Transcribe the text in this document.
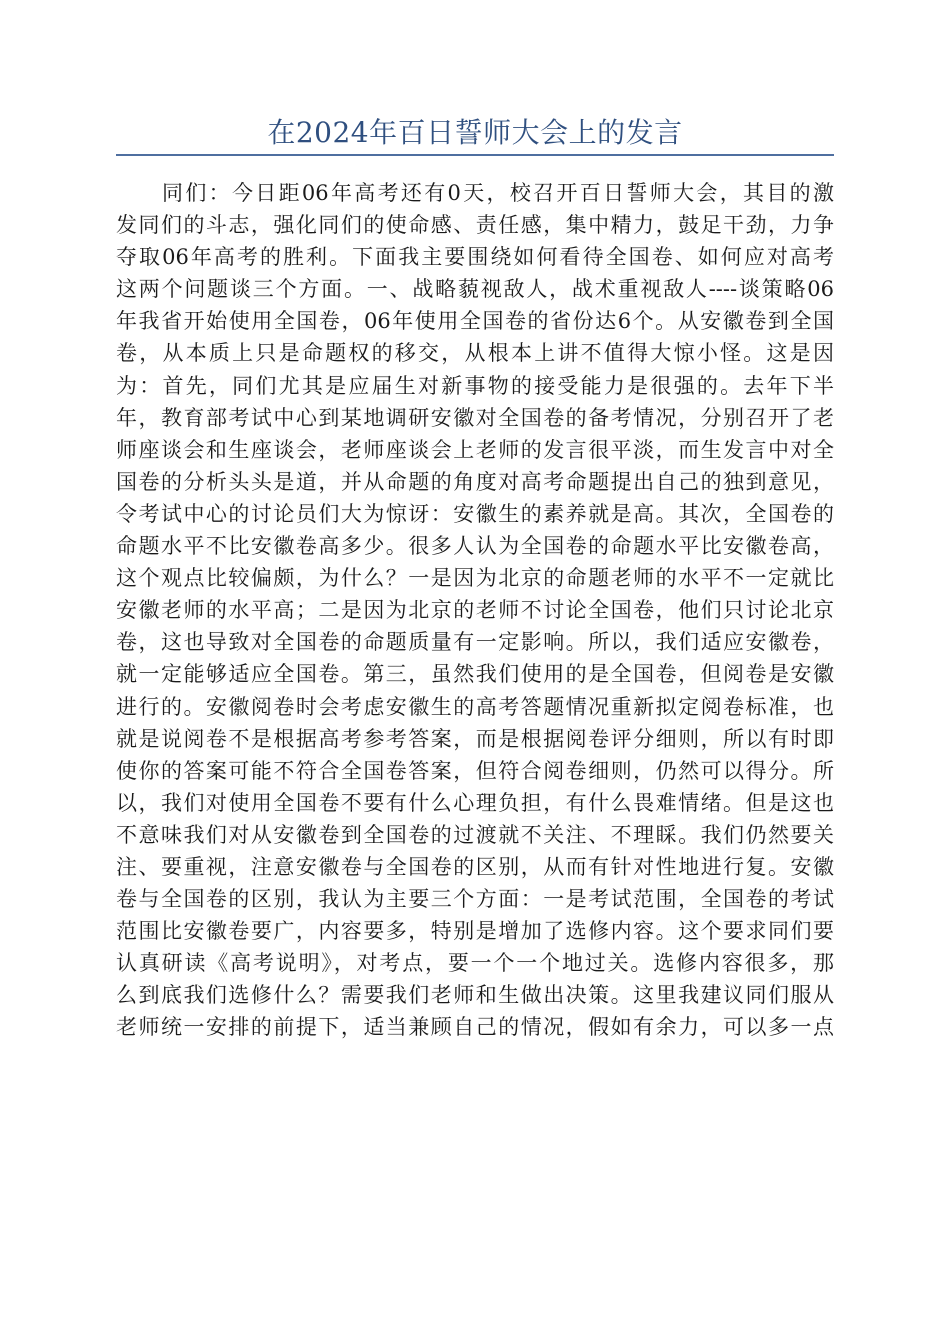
在2024年百日誓师大会上的发言
同们：今日距06年高考还有0天，校召开百日誓师大会，其目的激
发同们的斗志，强化同们的使命感、责任感，集中精力，鼓足干劲，力争
夺取06年高考的胜利。下面我主要围绕如何看待全国卷、如何应对高考
这两个问题谈三个方面。一、战略藐视敌人，战术重视敌人----谈策略06
年我省开始使用全国卷，06年使用全国卷的省份达6个。从安徽卷到全国
卷，从本质上只是命题权的移交，从根本上讲不值得大惊小怪。这是因
为：首先，同们尤其是应届生对新事物的接受能力是很强的。去年下半
年，教育部考试中心到某地调研安徽对全国卷的备考情况，分别召开了老
师座谈会和生座谈会，老师座谈会上老师的发言很平淡，而生发言中对全
国卷的分析头头是道，并从命题的角度对高考命题提出自己的独到意见，
令考试中心的讨论员们大为惊讶：安徽生的素养就是高。其次，全国卷的
命题水平不比安徽卷高多少。很多人认为全国卷的命题水平比安徽卷高，
这个观点比较偏颇，为什么？一是因为北京的命题老师的水平不一定就比
安徽老师的水平高；二是因为北京的老师不讨论全国卷，他们只讨论北京
卷，这也导致对全国卷的命题质量有一定影响。所以，我们适应安徽卷，
就一定能够适应全国卷。第三，虽然我们使用的是全国卷，但阅卷是安徽
进行的。安徽阅卷时会考虑安徽生的高考答题情况重新拟定阅卷标准，也
就是说阅卷不是根据高考参考答案，而是根据阅卷评分细则，所以有时即
使你的答案可能不符合全国卷答案，但符合阅卷细则，仍然可以得分。所
以，我们对使用全国卷不要有什么心理负担，有什么畏难情绪。但是这也
不意味我们对从安徽卷到全国卷的过渡就不关注、不理睬。我们仍然要关
注、要重视，注意安徽卷与全国卷的区别，从而有针对性地进行复。安徽
卷与全国卷的区别，我认为主要三个方面：一是考试范围，全国卷的考试
范围比安徽卷要广，内容要多，特别是增加了选修内容。这个要求同们要
认真研读《高考说明》，对考点，要一个一个地过关。选修内容很多，那
么到底我们选修什么？需要我们老师和生做出决策。这里我建议同们服从
老师统一安排的前提下，适当兼顾自己的情况，假如有余力，可以多一点
